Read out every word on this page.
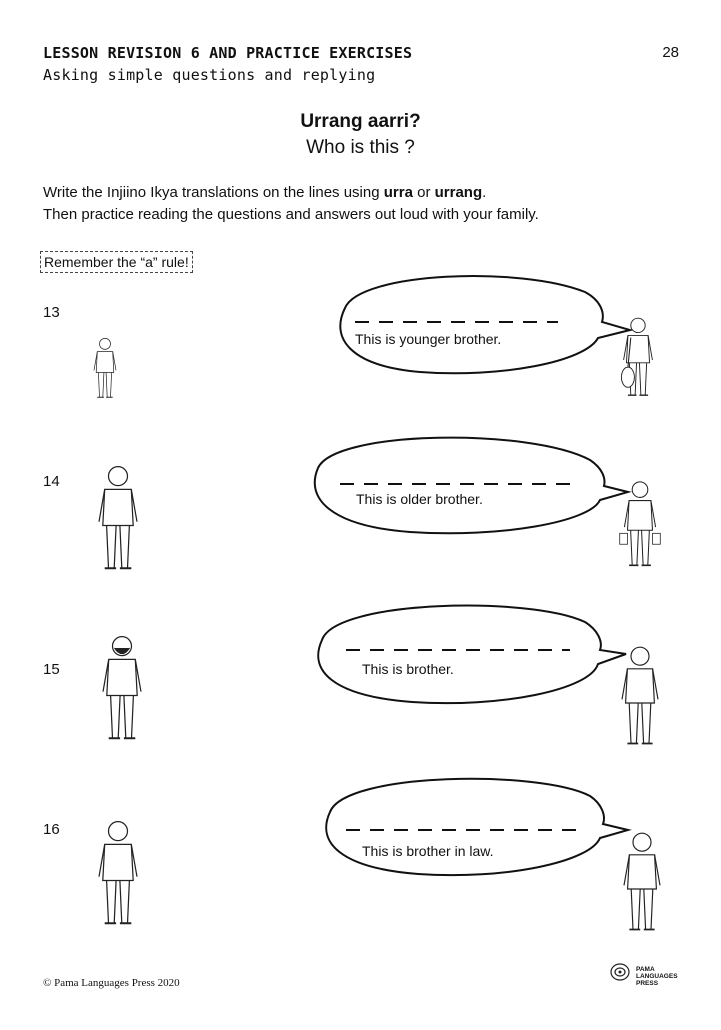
LESSON REVISION 6 AND PRACTICE EXERCISES
Asking simple questions and replying
28
Urrang aarri?
Who is this ?
Write the Injiino Ikya translations on the lines using urra or urrang.
Then practice reading the questions and answers out loud with your family.
Remember the “a” rule!
13
14
15
16
This is younger brother.
This is older brother.
This is brother.
This is brother in law.
© Pama Languages Press 2020
PAMA
LANGUAGES
PRESS
